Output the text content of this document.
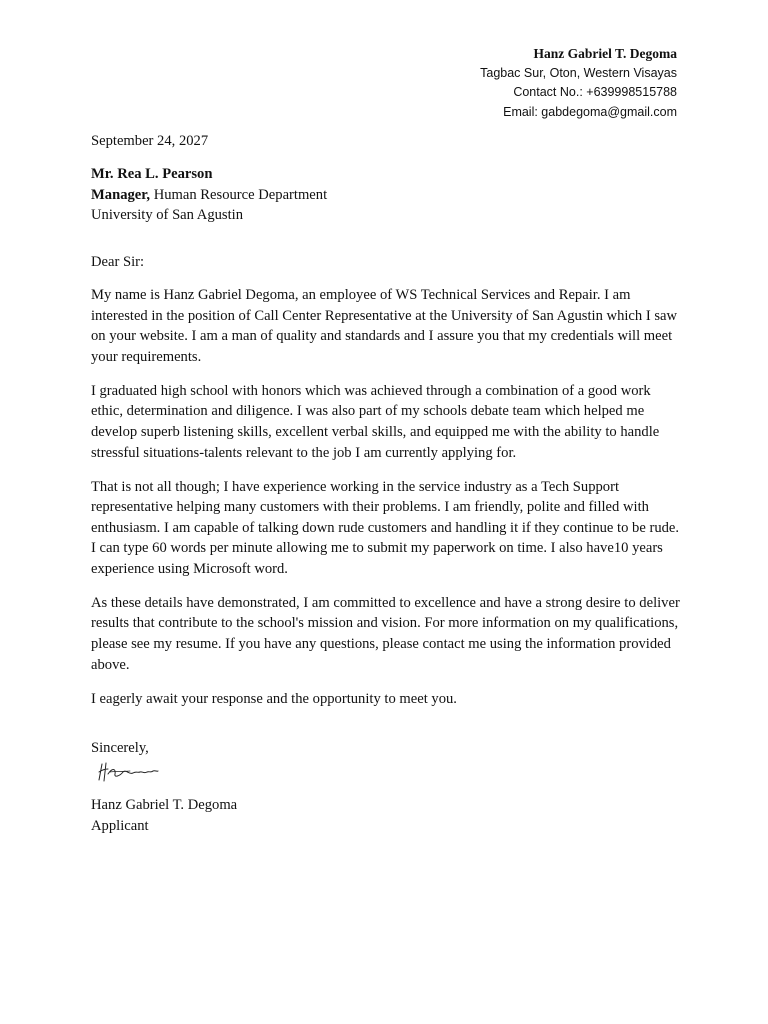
Hanz Gabriel T. Degoma
Tagbac Sur, Oton, Western Visayas
Contact No.: +639998515788
Email: gabdegoma@gmail.com
September 24, 2027
Mr. Rea L. Pearson
Manager, Human Resource Department
University of San Agustin
Dear Sir:

My name is Hanz Gabriel Degoma, an employee of WS Technical Services and Repair. I am interested in the position of Call Center Representative at the University of San Agustin which I saw on your website. I am a man of quality and standards and I assure you that my credentials will meet your requirements.

I graduated high school with honors which was achieved through a combination of a good work ethic, determination and diligence. I was also part of my schools debate team which helped me develop superb listening skills, excellent verbal skills, and equipped me with the ability to handle stressful situations-talents relevant to the job I am currently applying for.

That is not all though; I have experience working in the service industry as a Tech Support representative helping many customers with their problems. I am friendly, polite and filled with enthusiasm. I am capable of talking down rude customers and handling it if they continue to be rude. I can type 60 words per minute allowing me to submit my paperwork on time. I also have10 years experience using Microsoft word.

As these details have demonstrated, I am committed to excellence and have a strong desire to deliver results that contribute to the school's mission and vision. For more information on my qualifications, please see my resume. If you have any questions, please contact me using the information provided above.

I eagerly await your response and the opportunity to meet you.

Sincerely,
Hanz Gabriel T. Degoma
Applicant
